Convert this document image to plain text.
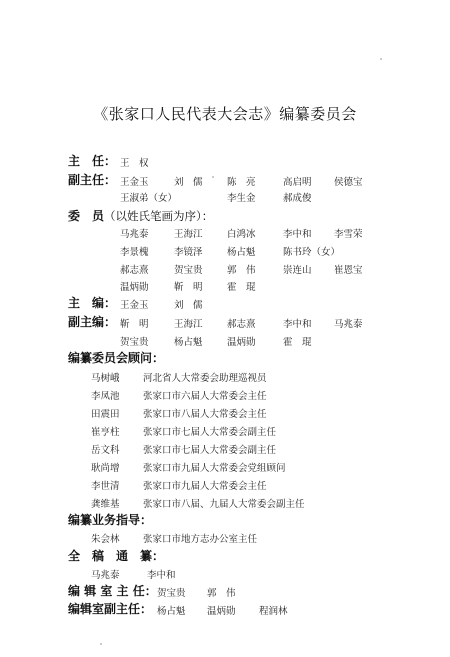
《张家口人民代表大会志》编纂委员会
主　任： 王　权
副主任： 王金玉	刘　儒	陈　亮	高启明 侯德宝
王淑弟（女）	李生金	郝成俊
委　员（以姓氏笔画为序）：
马兆泰	王海江	白鸿冰	李中和 李雪荣
李景槐	李镜泽	杨占魁	陈书玲（女）
郝志熹	贺宝贵	郭　伟	崇连山 崔恩宝
温炳勋	靳　明	霍　琨
主　编： 王金玉	刘　儒
副主编： 靳　明	王海江	郝志熹	李中和 马兆泰
贺宝贵	杨占魁	温炳勋	霍　琨
编纂委员会顾问：
马树峨 河北省人大常委会助理巡视员
李凤池 张家口市六届人大常委会主任
田震田 张家口市八届人大常委会主任
崔亨柱 张家口市七届人大常委会副主任
岳文科 张家口市七届人大常委会副主任
耿尚增 张家口市九届人大常委会党组顾问
李世清 张家口市九届人大常委会主任
龚维基 张家口市八届、九届人大常委会副主任
编纂业务指导：
朱会林 张家口市地方志办公室主任
全　稿　通　纂：
马兆泰	李中和
编 辑 室 主 任： 贺宝贵 郭　伟
编辑室副主任： 杨占魁 温炳勋 程润林
